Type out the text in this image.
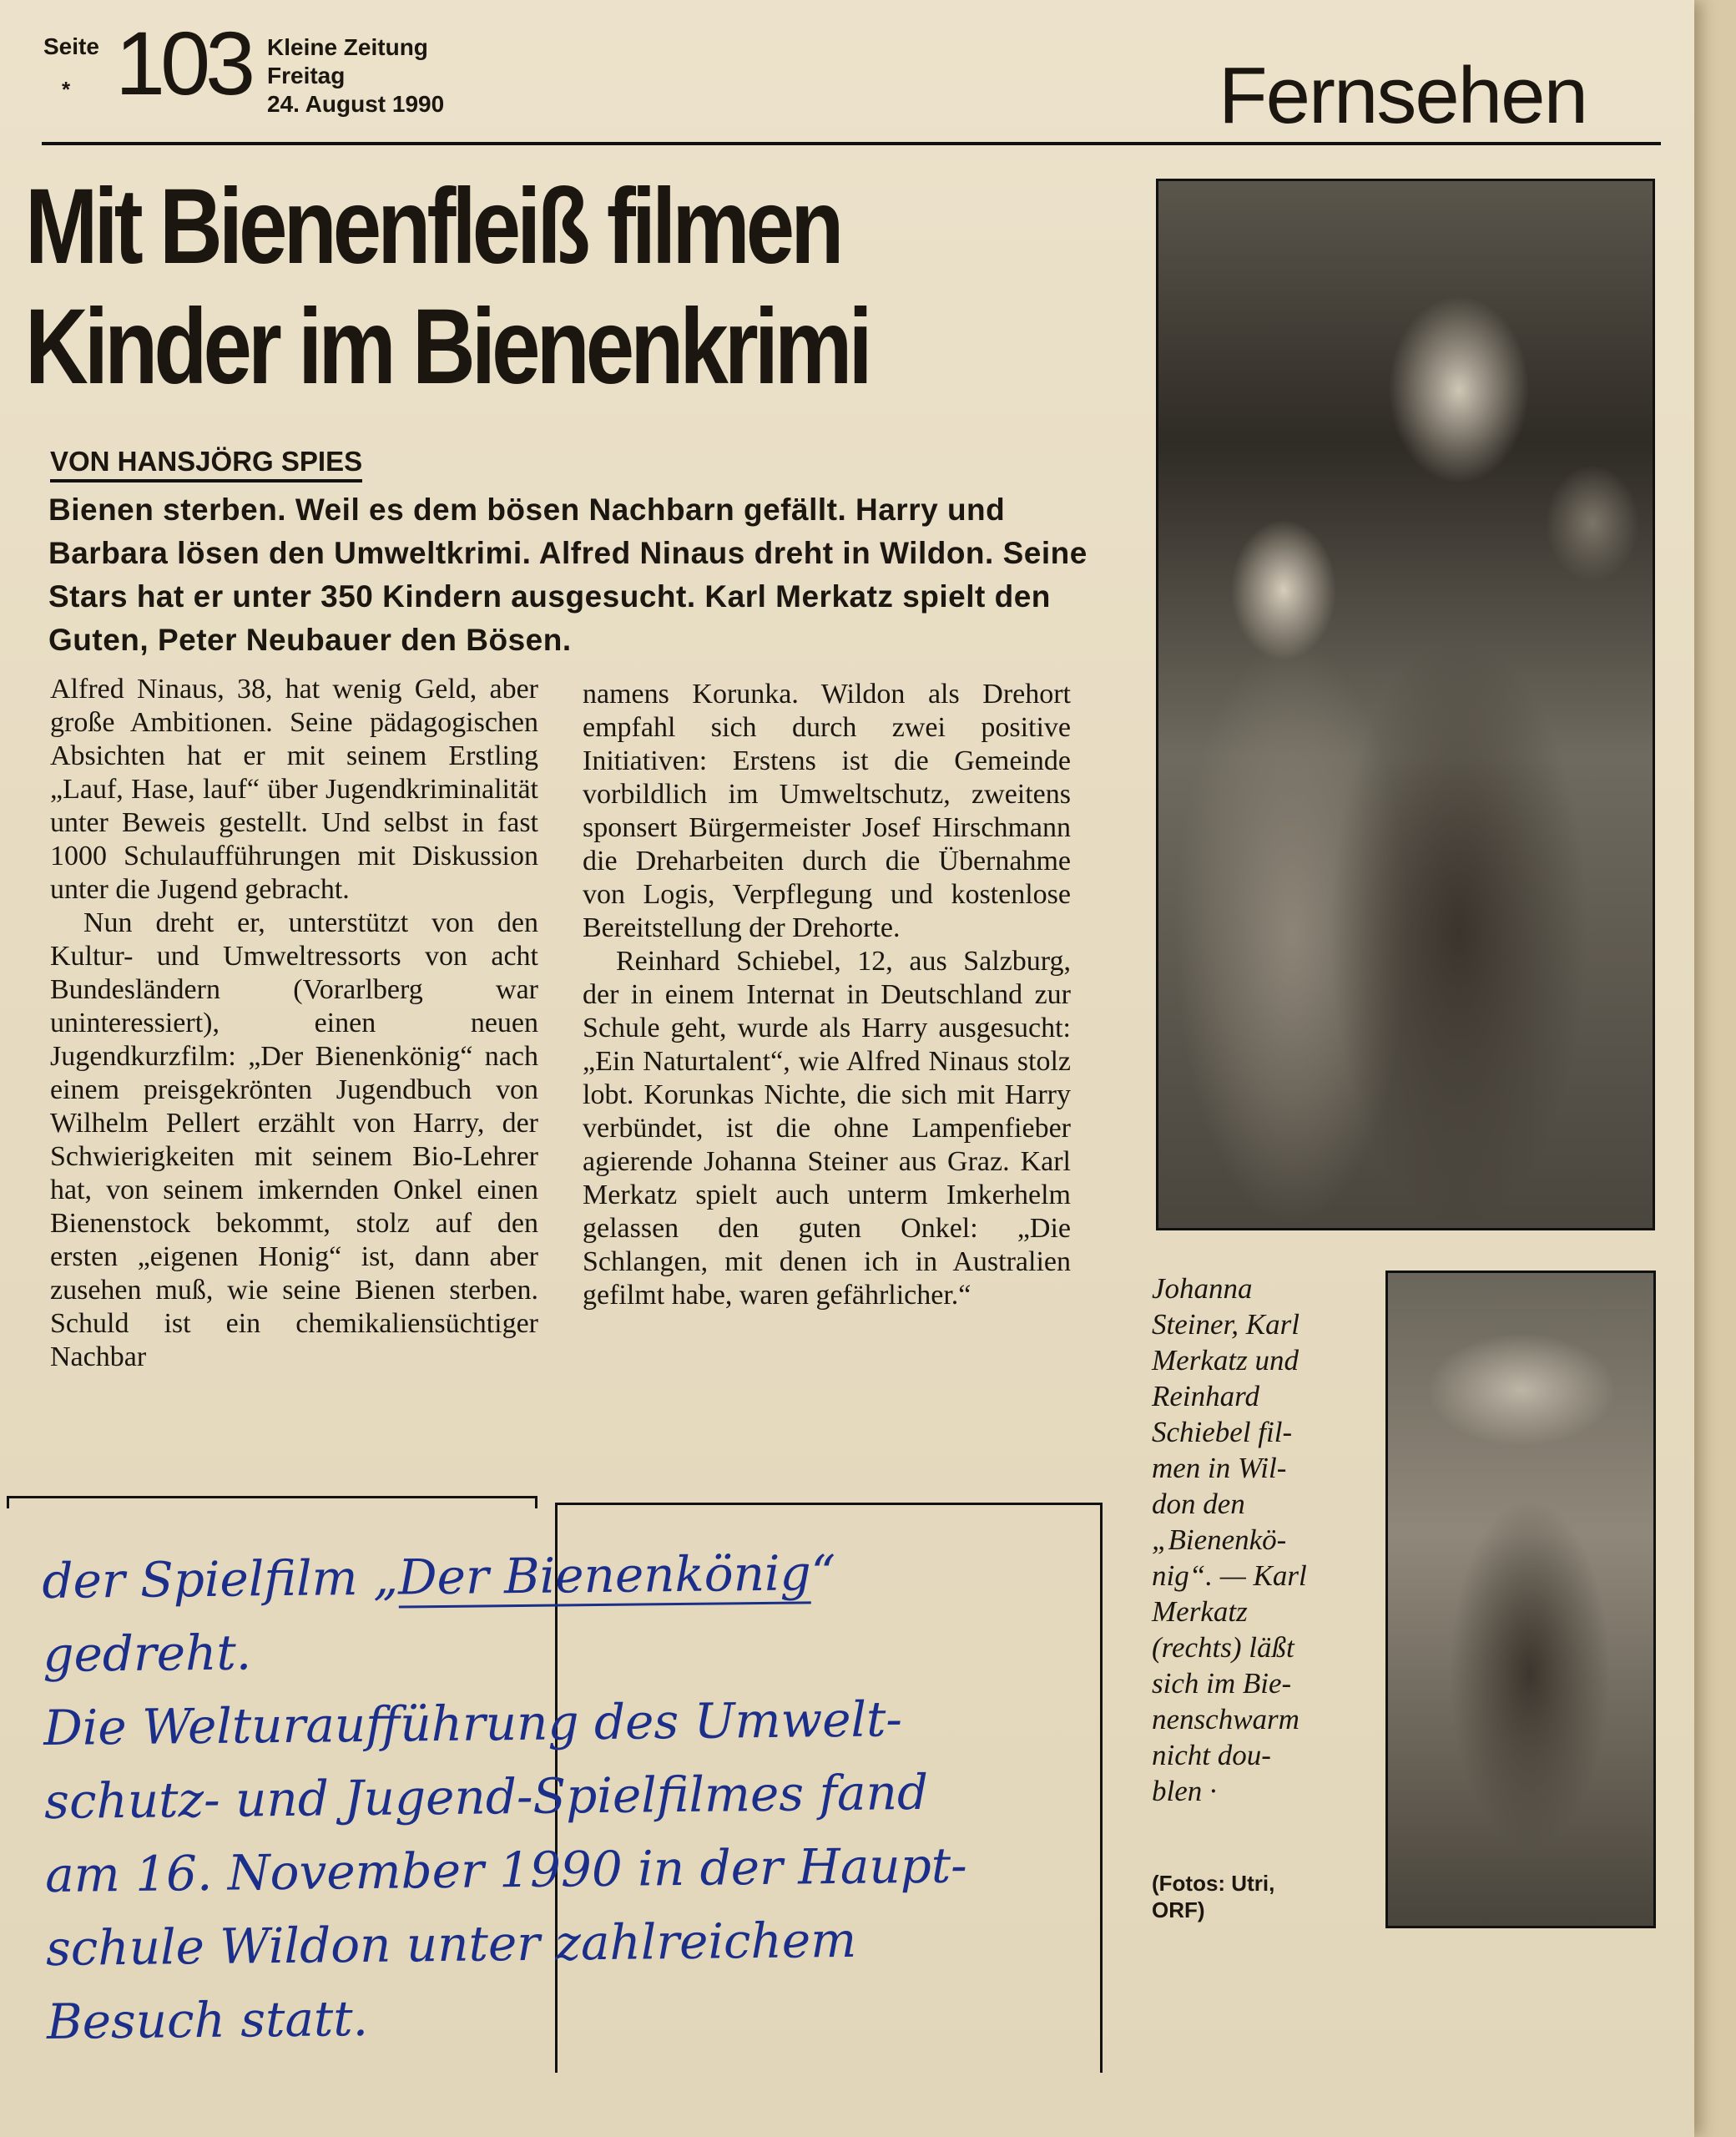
Seite
* 103 Kleine Zeitung
Freitag
24. August 1990	Fernsehen
Mit Bienenfleiß filmen
Kinder im Bienenkrimi
VON HANSJÖRG SPIES
Bienen sterben. Weil es dem bösen Nachbarn gefällt. Harry und Barbara lösen den Umweltkrimi. Alfred Ninaus dreht in Wildon. Seine Stars hat er unter 350 Kindern ausgesucht. Karl Merkatz spielt den Guten, Peter Neubauer den Bösen.

Alfred Ninaus, 38, hat wenig Geld, aber große Ambitionen. Seine pädagogischen Absichten hat er mit seinem Erstling „Lauf, Hase, lauf“ über Jugendkriminalität unter Beweis gestellt. Und selbst in fast 1000 Schulaufführungen mit Diskussion unter die Jugend gebracht.

Nun dreht er, unterstützt von den Kultur- und Umweltressorts von acht Bundesländern (Vorarlberg war uninteressiert), einen neuen Jugendkurzfilm: „Der Bienenkönig“ nach einem preisgekrönten Jugendbuch von Wilhelm Pellert erzählt von Harry, der Schwierigkeiten mit seinem Bio-Lehrer hat, von seinem imkernden Onkel einen Bienenstock bekommt, stolz auf den ersten „eigenen Honig“ ist, dann aber zusehen muß, wie seine Bienen sterben. Schuld ist ein chemikaliensüchtiger Nachbar

namens Korunka. Wildon als Drehort empfahl sich durch zwei positive Initiativen: Erstens ist die Gemeinde vorbildlich im Umweltschutz, zweitens sponsert Bürgermeister Josef Hirschmann die Dreharbeiten durch die Übernahme von Logis, Verpflegung und kostenlose Bereitstellung der Drehorte.

Reinhard Schiebel, 12, aus Salzburg, der in einem Internat in Deutschland zur Schule geht, wurde als Harry ausgesucht: „Ein Naturtalent“, wie Alfred Ninaus stolz lobt. Korunkas Nichte, die sich mit Harry verbündet, ist die ohne Lampenfieber agierende Johanna Steiner aus Graz. Karl Merkatz spielt auch unterm Imkerhelm gelassen den guten Onkel: „Die Schlangen, mit denen ich in Australien gefilmt habe, waren gefährlicher.“	Johanna
Steiner, Karl
Merkatz und
Reinhard
Schiebel fil-
men in Wil-
don den
„Bienenkö-
nig“. — Karl
Merkatz
(rechts) läßt
sich im Bie-
nenschwarm
nicht dou-
blen ·
(Fotos: Utri,
ORF)
der Spielfilm „Der Bienenkönig“
gedreht.
Die Welturaufführung des Umwelt-
schutz- und Jugend-Spielfilmes fand
am 16. November 1990 in der Haupt-
schule Wildon unter zahlreichem
Besuch statt.
